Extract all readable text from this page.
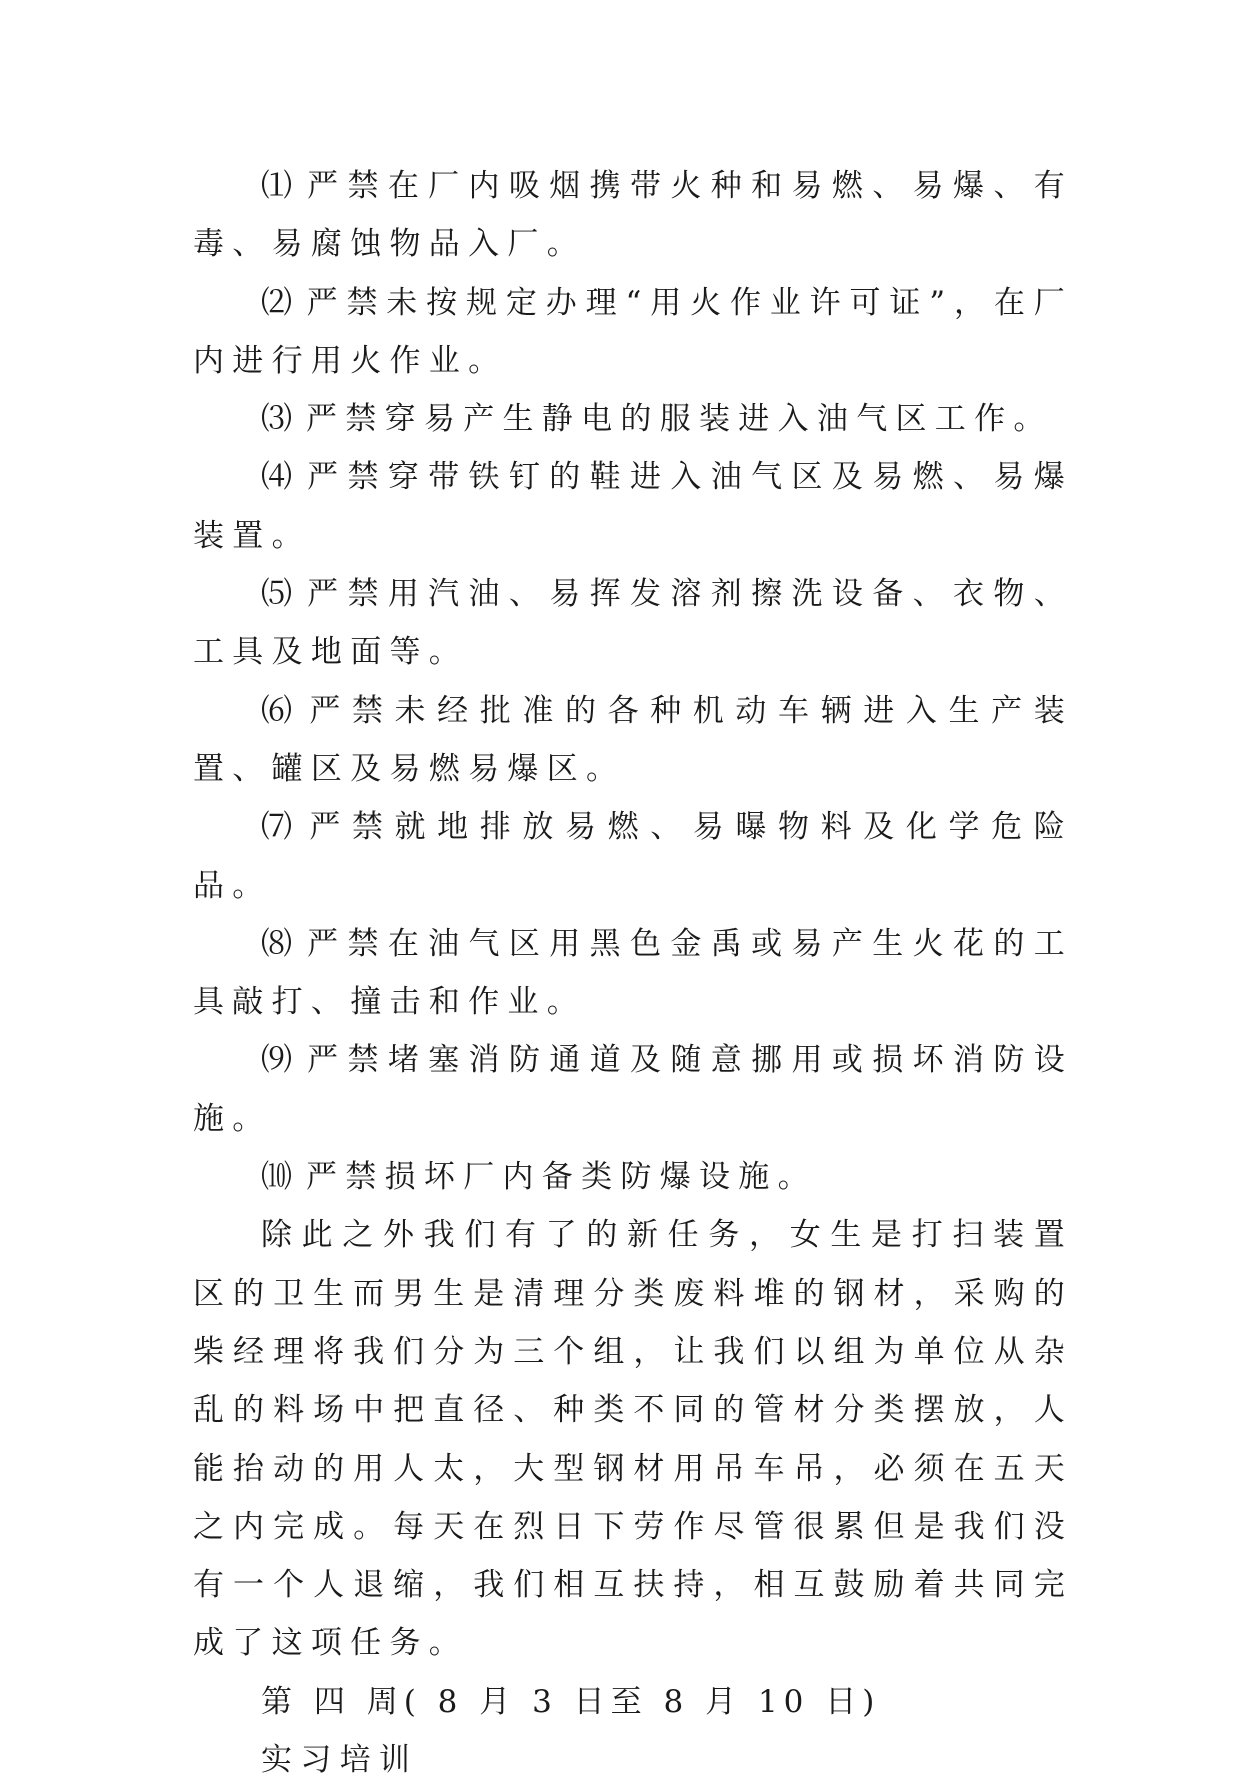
⑴ 严禁在厂内吸烟携带火种和易燃、易爆、有毒、易腐蚀物品入厂。

⑵ 严禁未按规定办理“用火作业许可证”，在厂内进行用火作业。

⑶ 严禁穿易产生静电的服装进入油气区工作。

⑷ 严禁穿带铁钉的鞋进入油气区及易燃、易爆装置。

⑸ 严禁用汽油、易挥发溶剂擦洗设备、衣物、工具及地面等。

⑹ 严禁未经批准的各种机动车辆进入生产装置、罐区及易燃易爆区。

⑺ 严禁就地排放易燃、易曝物料及化学危险品。

⑻ 严禁在油气区用黑色金禹或易产生火花的工具敲打、撞击和作业。

⑼ 严禁堵塞消防通道及随意挪用或损坏消防设施。

⑽ 严禁损坏厂内备类防爆设施。

除此之外我们有了的新任务，女生是打扫装置区的卫生而男生是清理分类废料堆的钢材，采购的柴经理将我们分为三个组，让我们以组为单位从杂乱的料场中把直径、种类不同的管材分类摆放，人能抬动的用人太，大型钢材用吊车吊，必须在五天之内完成。每天在烈日下劳作尽管很累但是我们没有一个人退缩，我们相互扶持，相互鼓励着共同完成了这项任务。

第 四 周( 8 月 3 日至 8 月 10 日)

实习培训
